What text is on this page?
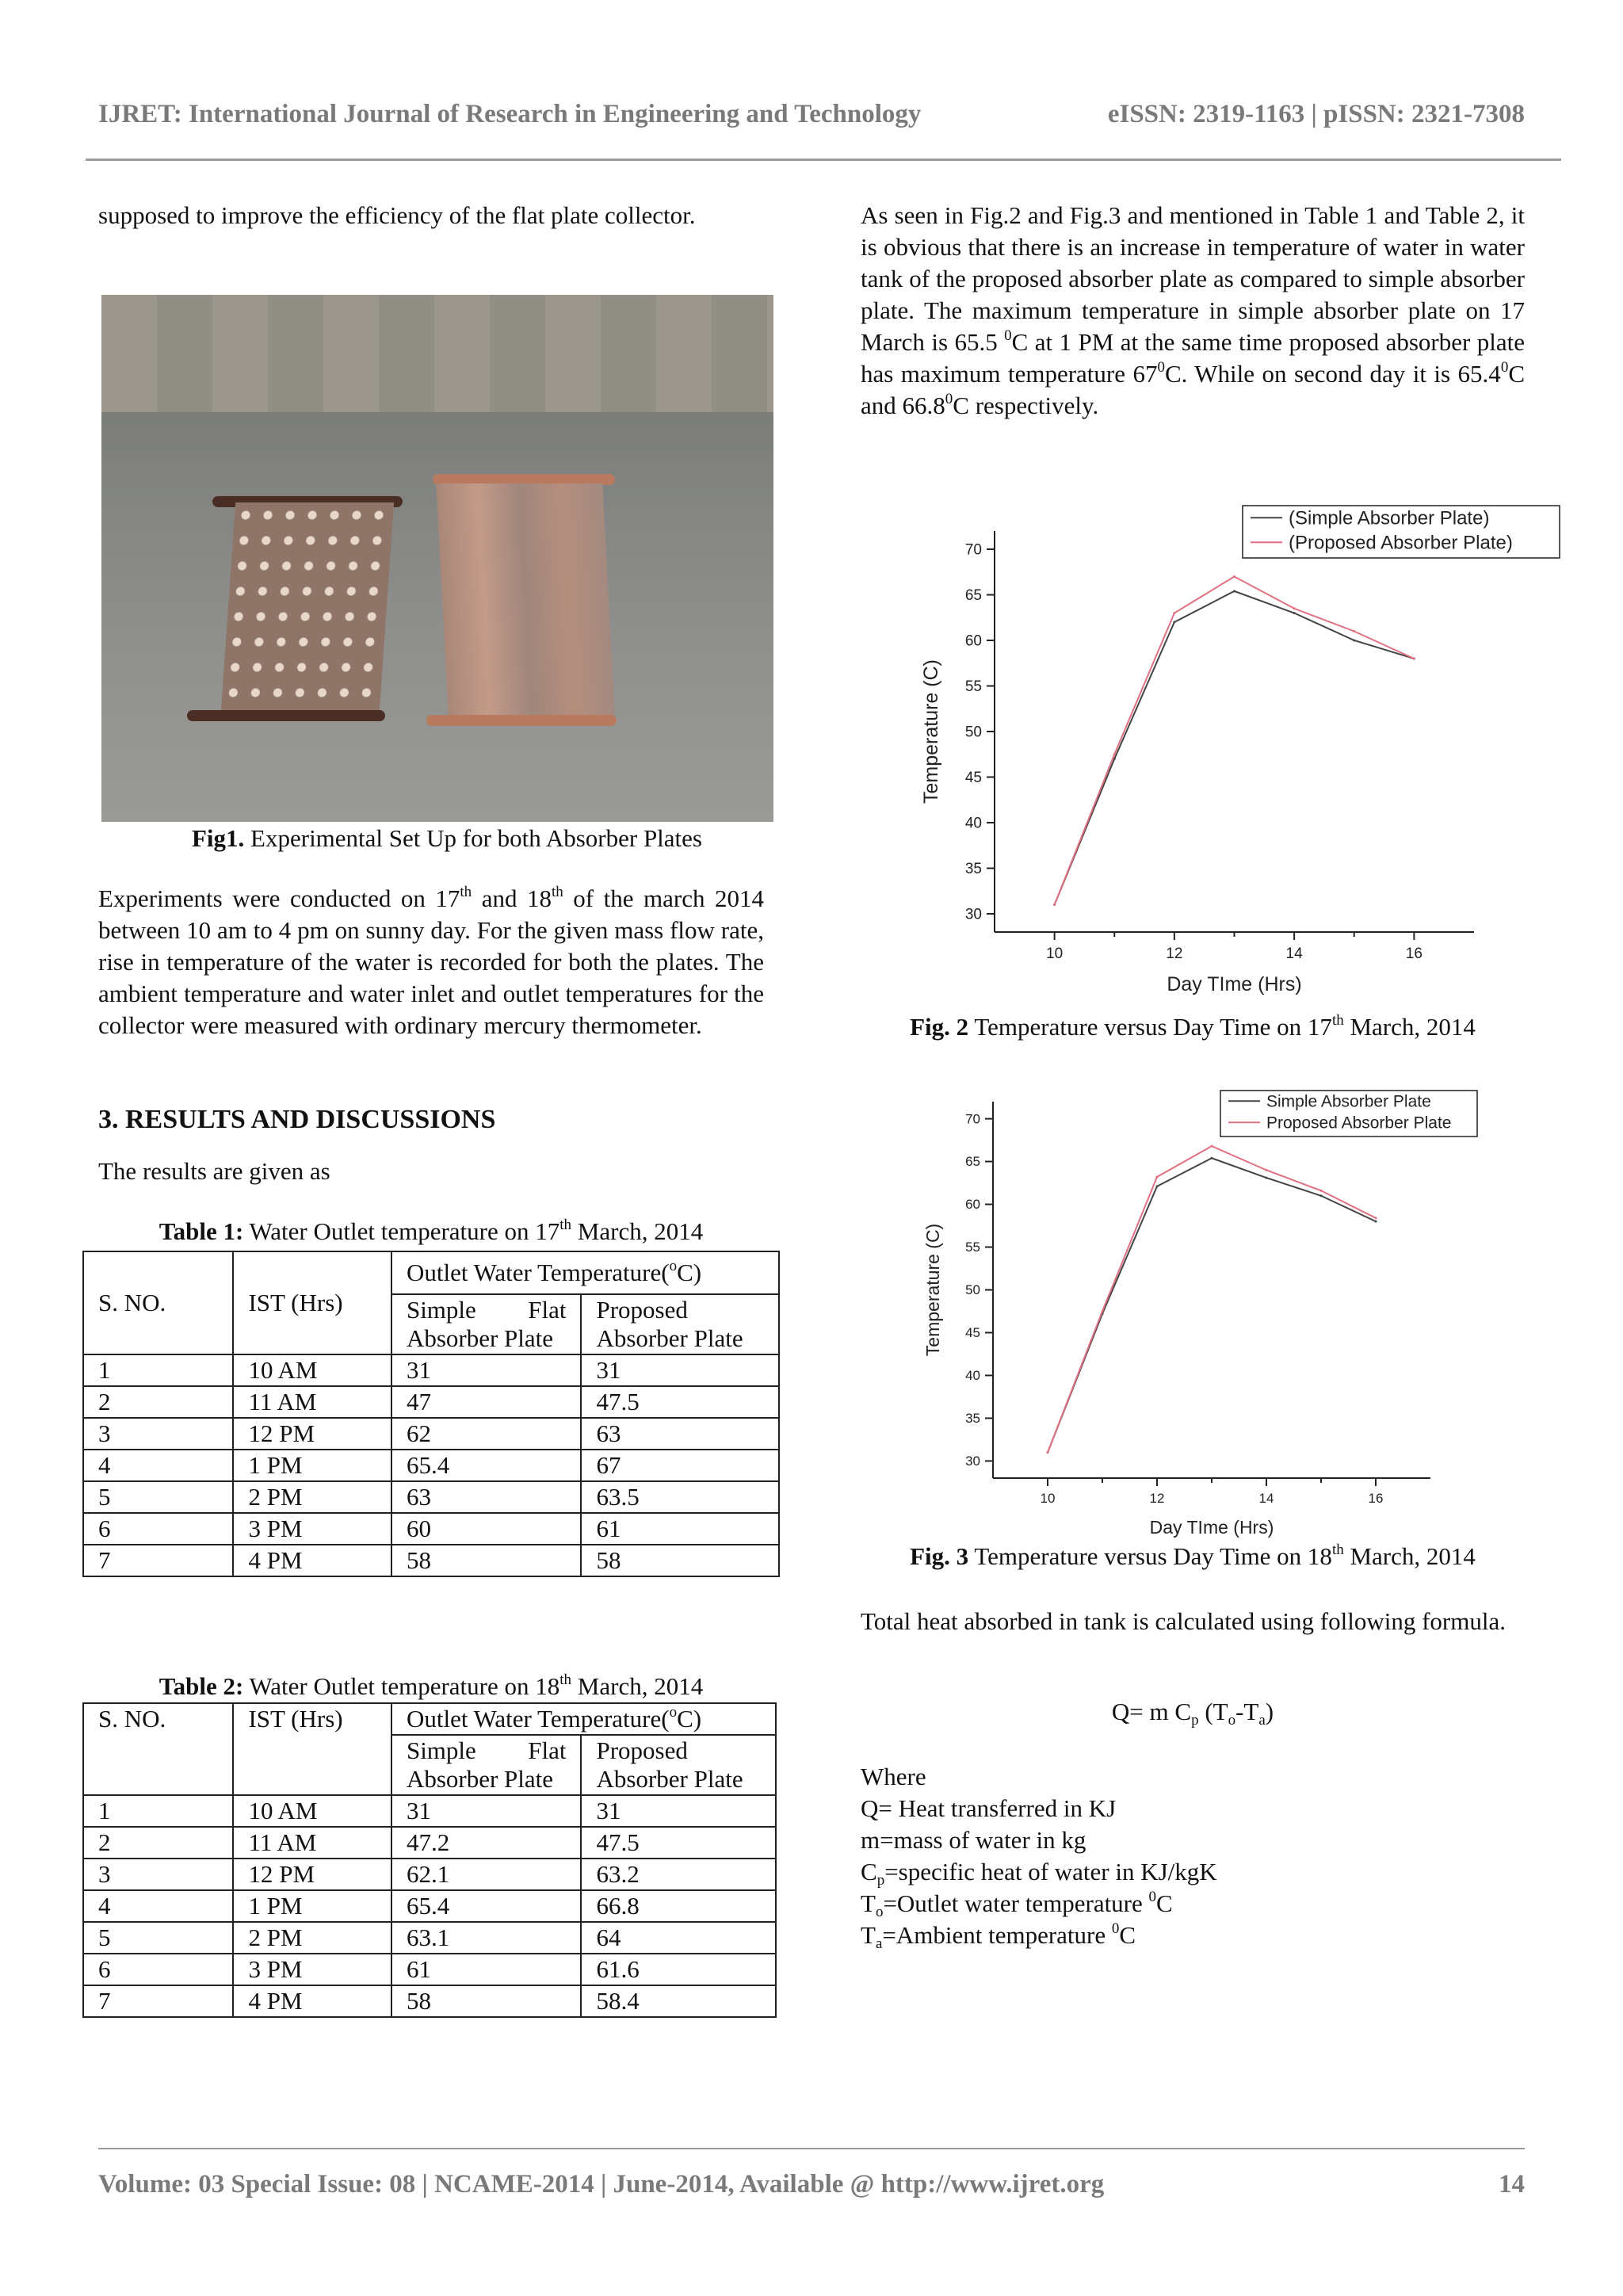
IJRET: International Journal of Research in Engineering and Technology	eISSN: 2319-1163 | pISSN: 2321-7308

supposed to improve the efficiency of the flat plate collector.

Fig1. Experimental Set Up for both Absorber Plates

Experiments were conducted on 17th and 18th of the march 2014 between 10 am to 4 pm on sunny day. For the given mass flow rate, rise in temperature of the water is recorded for both the plates. The ambient temperature and water inlet and outlet temperatures for the collector were measured with ordinary mercury thermometer.

3. RESULTS AND DISCUSSIONS
The results are given as
Table 1: Water Outlet temperature on 17th March, 2014
S. NO.	IST (Hrs)	Outlet Water Temperature($^o$C)	
		Simple Flat Absorber Plate	Proposed Absorber Plate
1	10 AM	31	31
2	11 AM	47	47.5
3	12 PM	62	63
4	1 PM	65.4	67
5	2 PM	63	63.5
6	3 PM	60	61
7	4 PM	58	58
Table 2: Water Outlet temperature on 18th March, 2014
S. NO.	IST (Hrs)	Outlet Water Temperature($^o$C)	
		Simple Flat Absorber Plate	Proposed Absorber Plate
1	10 AM	31	31
2	11 AM	47.2	47.5
3	12 PM	62.1	63.2
4	1 PM	65.4	66.8
5	2 PM	63.1	64
6	3 PM	61	61.6
7	4 PM	58	58.4

As seen in Fig.2 and Fig.3 and mentioned in Table 1 and Table 2, it is obvious that there is an increase in temperature of water in water tank of the proposed absorber plate as compared to simple absorber plate. The maximum temperature in simple absorber plate on 17 March is 65.5 $^0$C at 1 PM at the same time proposed absorber plate has maximum temperature $67^0C$. While on second day it is 65.4$^0$C and 66.8$^0$C respectively.

30
35
40
45
50
55
60
65
70
10	12	14	16
Day TIme (Hrs)
Temperature (C)
(Simple Absorber Plate)
(Proposed Absorber Plate)
Fig. 2 Temperature versus Day Time on 17th March, 2014
30
35
40
45
50
55
60
65
70
10	12	14	16
Day TIme (Hrs)
Temperature (C)
Simple Absorber Plate
Proposed Absorber Plate
Fig. 3 Temperature versus Day Time on 18th March, 2014

Total heat absorbed in tank is calculated using following formula.

Q= m $C_p$ $(T_o-T_a)$
Where
Q= Heat transferred in KJ
m=mass of water in kg
$C_p=specific$ heat of water in KJ/kgK
$T_o=Outlet$ water temperature $^0$C
$T_a=Ambient$ temperature $^0$C
Volume: 03 Special Issue: 08 | NCAME-2014 | June-2014, Available @ http://www.ijret.org	14
